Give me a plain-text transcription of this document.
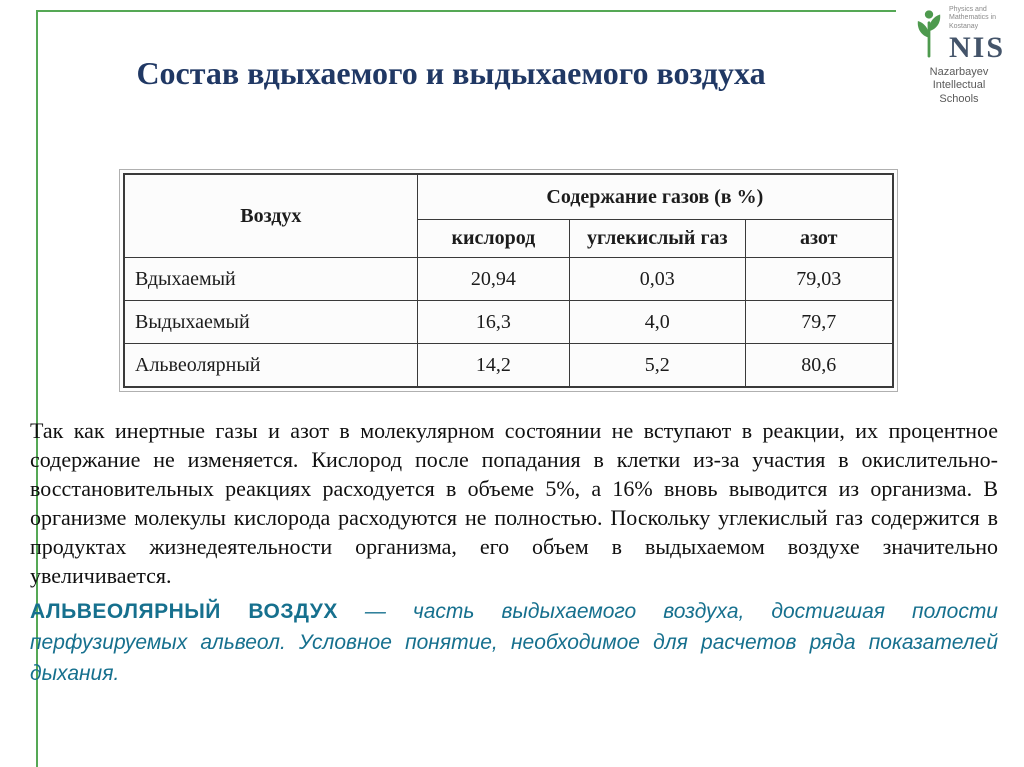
Physics and Mathematics in Kostanay
NIS
Nazarbayev Intellectual Schools
Состав вдыхаемого и выдыхаемого воздуха
Воздух	Содержание газов (в %)		
	кислород	углекислый газ	азот
Вдыхаемый	20,94	0,03	79,03
Выдыхаемый	16,3	4,0	79,7
Альвеолярный	14,2	5,2	80,6

Так как инертные газы и азот в молекулярном состоянии не вступают в реакции, их процентное содержание не изменяется. Кислород после попадания в клетки из-за участия в окислительно-восстановительных реакциях расходуется в объеме 5%, а 16% вновь выводится из организма. В организме молекулы кислорода расходуются не полностью. Поскольку углекислый газ содержится в продуктах жизнедеятельности организма, его объем в выдыхаемом воздухе значительно увеличивается.

АЛЬВЕОЛЯРНЫЙ ВОЗДУХ — часть выдыхаемого воздуха, достигшая полости перфузируемых альвеол. Условное понятие, необходимое для расчетов ряда показателей дыхания.
